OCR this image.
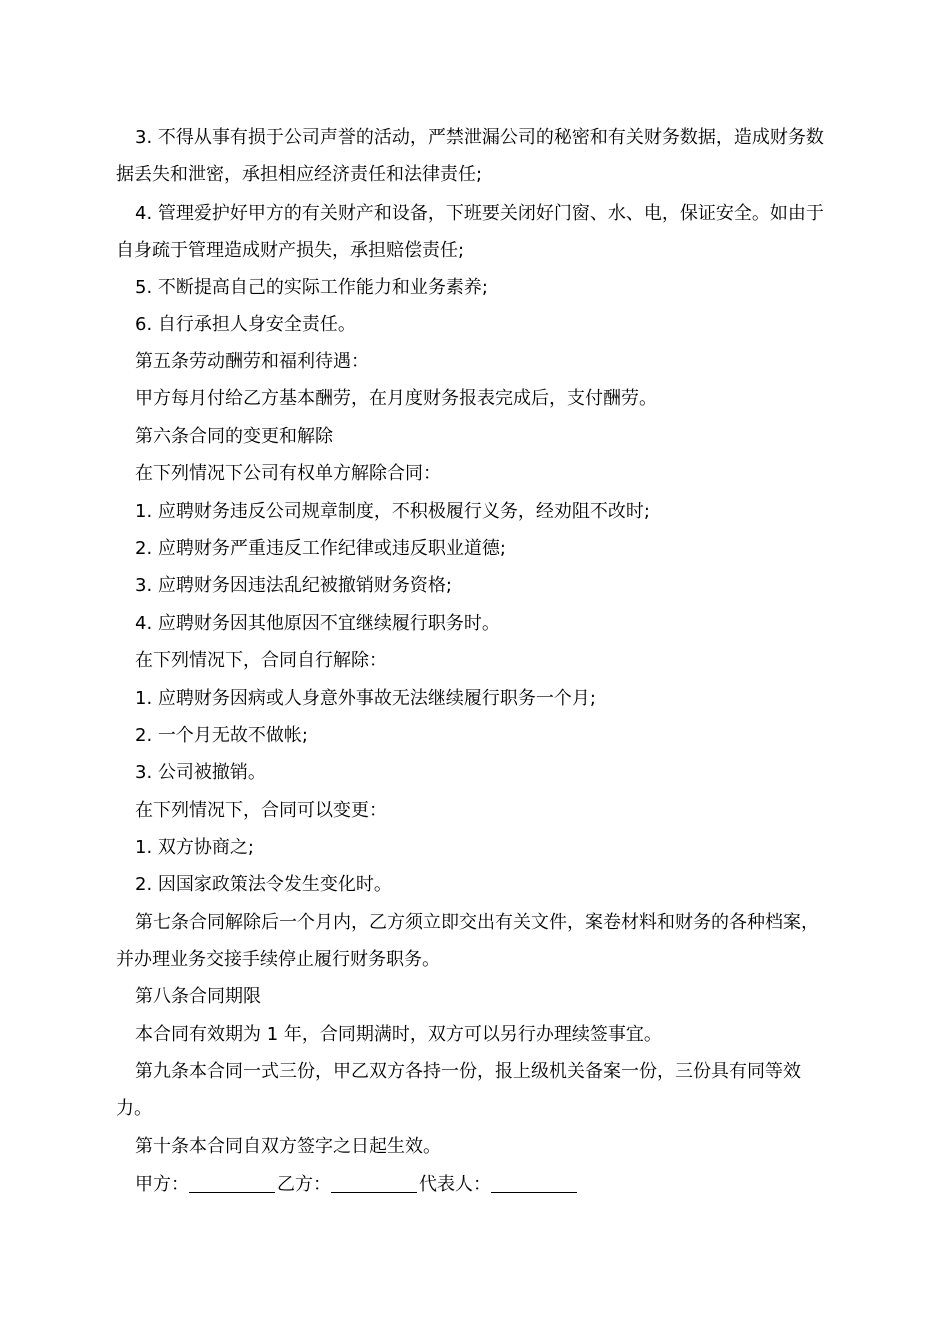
3. 不得从事有损于公司声誉的活动，严禁泄漏公司的秘密和有关财务数据，造成财务数据丢失和泄密，承担相应经济责任和法律责任;
4. 管理爱护好甲方的有关财产和设备，下班要关闭好门窗、水、电，保证安全。如由于自身疏于管理造成财产损失，承担赔偿责任;
5. 不断提高自己的实际工作能力和业务素养;
6. 自行承担人身安全责任。
第五条劳动酬劳和福利待遇：
甲方每月付给乙方基本酬劳，在月度财务报表完成后，支付酬劳。
第六条合同的变更和解除
在下列情况下公司有权单方解除合同：
1. 应聘财务违反公司规章制度，不积极履行义务，经劝阻不改时;
2. 应聘财务严重违反工作纪律或违反职业道德;
3. 应聘财务因违法乱纪被撤销财务资格;
4. 应聘财务因其他原因不宜继续履行职务时。
在下列情况下，合同自行解除：
1. 应聘财务因病或人身意外事故无法继续履行职务一个月;
2. 一个月无故不做帐;
3. 公司被撤销。
在下列情况下，合同可以变更：
1. 双方协商之;
2. 因国家政策法令发生变化时。
第七条合同解除后一个月内，乙方须立即交出有关文件，案卷材料和财务的各种档案，并办理业务交接手续停止履行财务职务。
第八条合同期限
本合同有效期为 1 年，合同期满时，双方可以另行办理续签事宜。
第九条本合同一式三份，甲乙双方各持一份，报上级机关备案一份，三份具有同等效力。
第十条本合同自双方签字之日起生效。
甲方：	乙方：	代表人：
